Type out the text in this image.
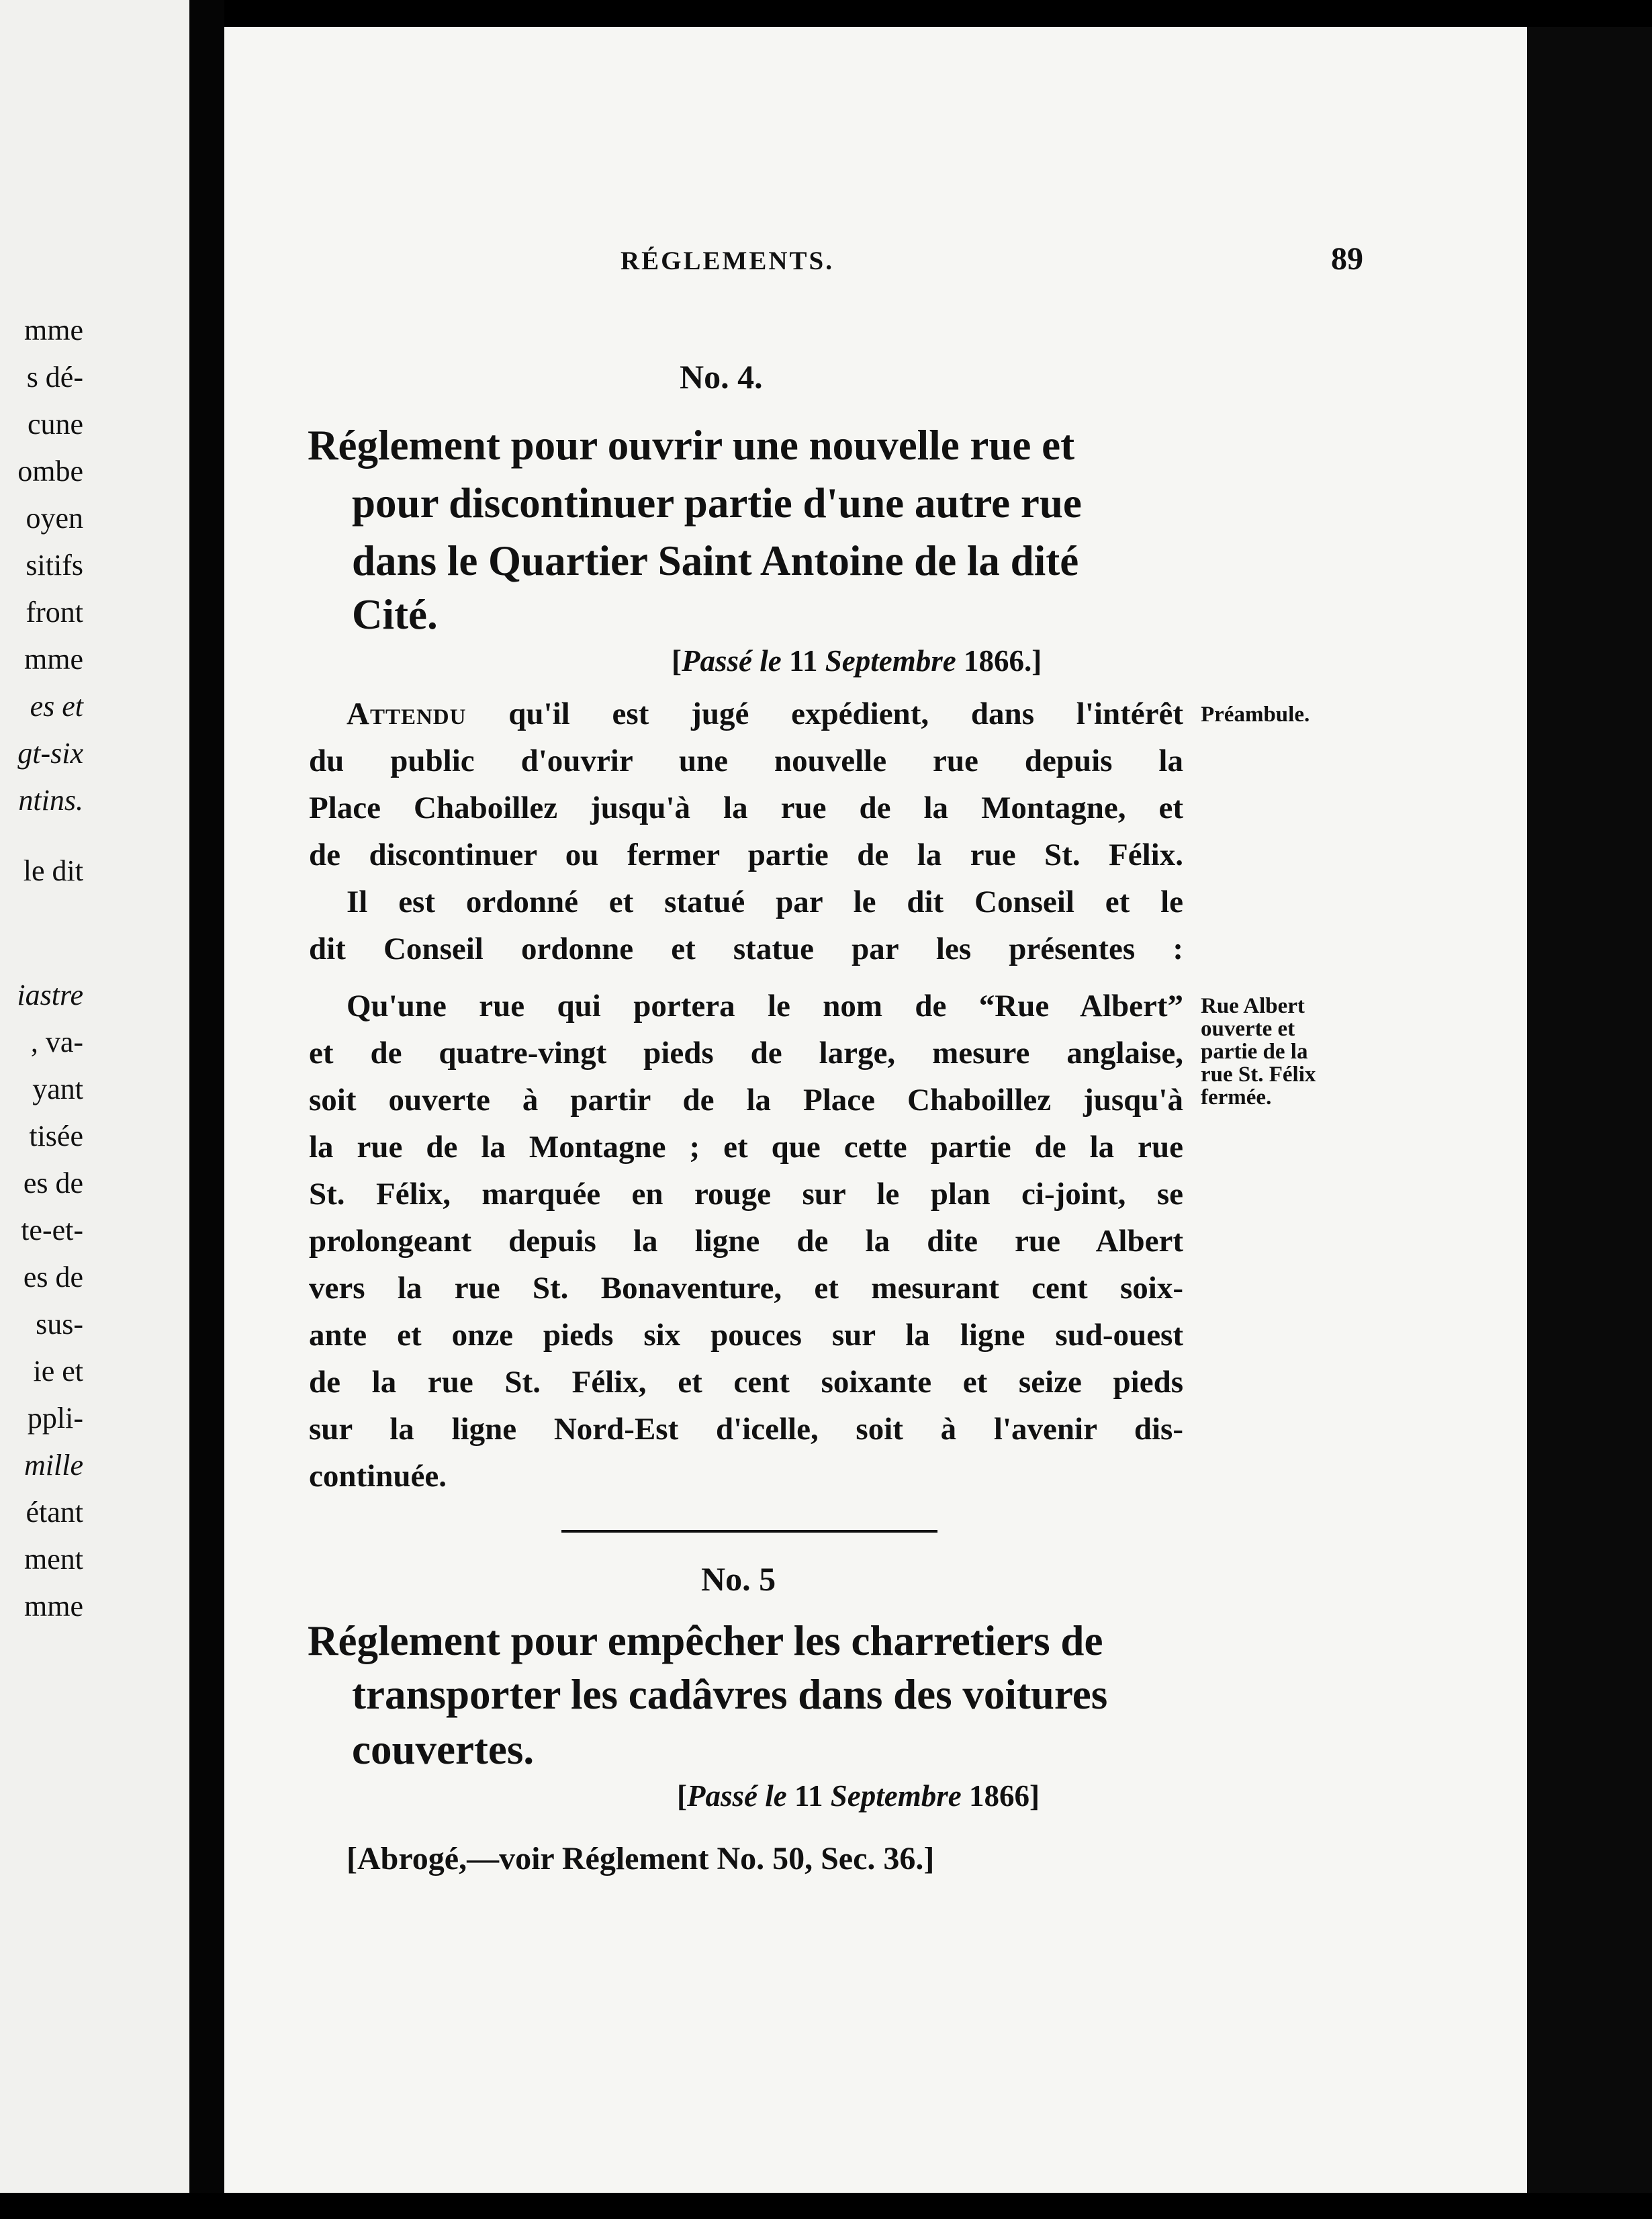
mme
s dé-
cune
ombe
oyen
sitifs
front
mme
es et
gt-six
ntins.
le dit
iastre
, va-
yant
tisée
es de
te-et-
es de
sus-
ie et
ppli-
mille
étant
ment
mme
RÉGLEMENTS.	89
No. 4.
Réglement pour ouvrir une nouvelle rue et
pour discontinuer partie d'une autre rue
dans le Quartier Saint Antoine de la dité
Cité.
[Passé le 11 Septembre 1866.]
Attendu qu'il est jugé expédient, dans l'intérêt
du public d'ouvrir une nouvelle rue depuis la
Place Chaboillez jusqu'à la rue de la Montagne, et
de discontinuer ou fermer partie de la rue St. Félix.
Il est ordonné et statué par le dit Conseil et le
dit Conseil ordonne et statue par les présentes :
Qu'une rue qui portera le nom de “Rue Albert”
et de quatre-vingt pieds de large, mesure anglaise,
soit ouverte à partir de la Place Chaboillez jusqu'à
la rue de la Montagne ; et que cette partie de la rue
St. Félix, marquée en rouge sur le plan ci-joint, se
prolongeant depuis la ligne de la dite rue Albert
vers la rue St. Bonaventure, et mesurant cent soix-
ante et onze pieds six pouces sur la ligne sud-ouest
de la rue St. Félix, et cent soixante et seize pieds
sur la ligne Nord-Est d'icelle, soit à l'avenir dis-
continuée.
Préambule.
Rue Albert
ouverte et
partie de la
rue St. Félix
fermée.
No. 5
Réglement pour empêcher les charretiers de
transporter les cadâvres dans des voitures
couvertes.
[Passé le 11 Septembre 1866]
[Abrogé,—voir Réglement No. 50, Sec. 36.]
